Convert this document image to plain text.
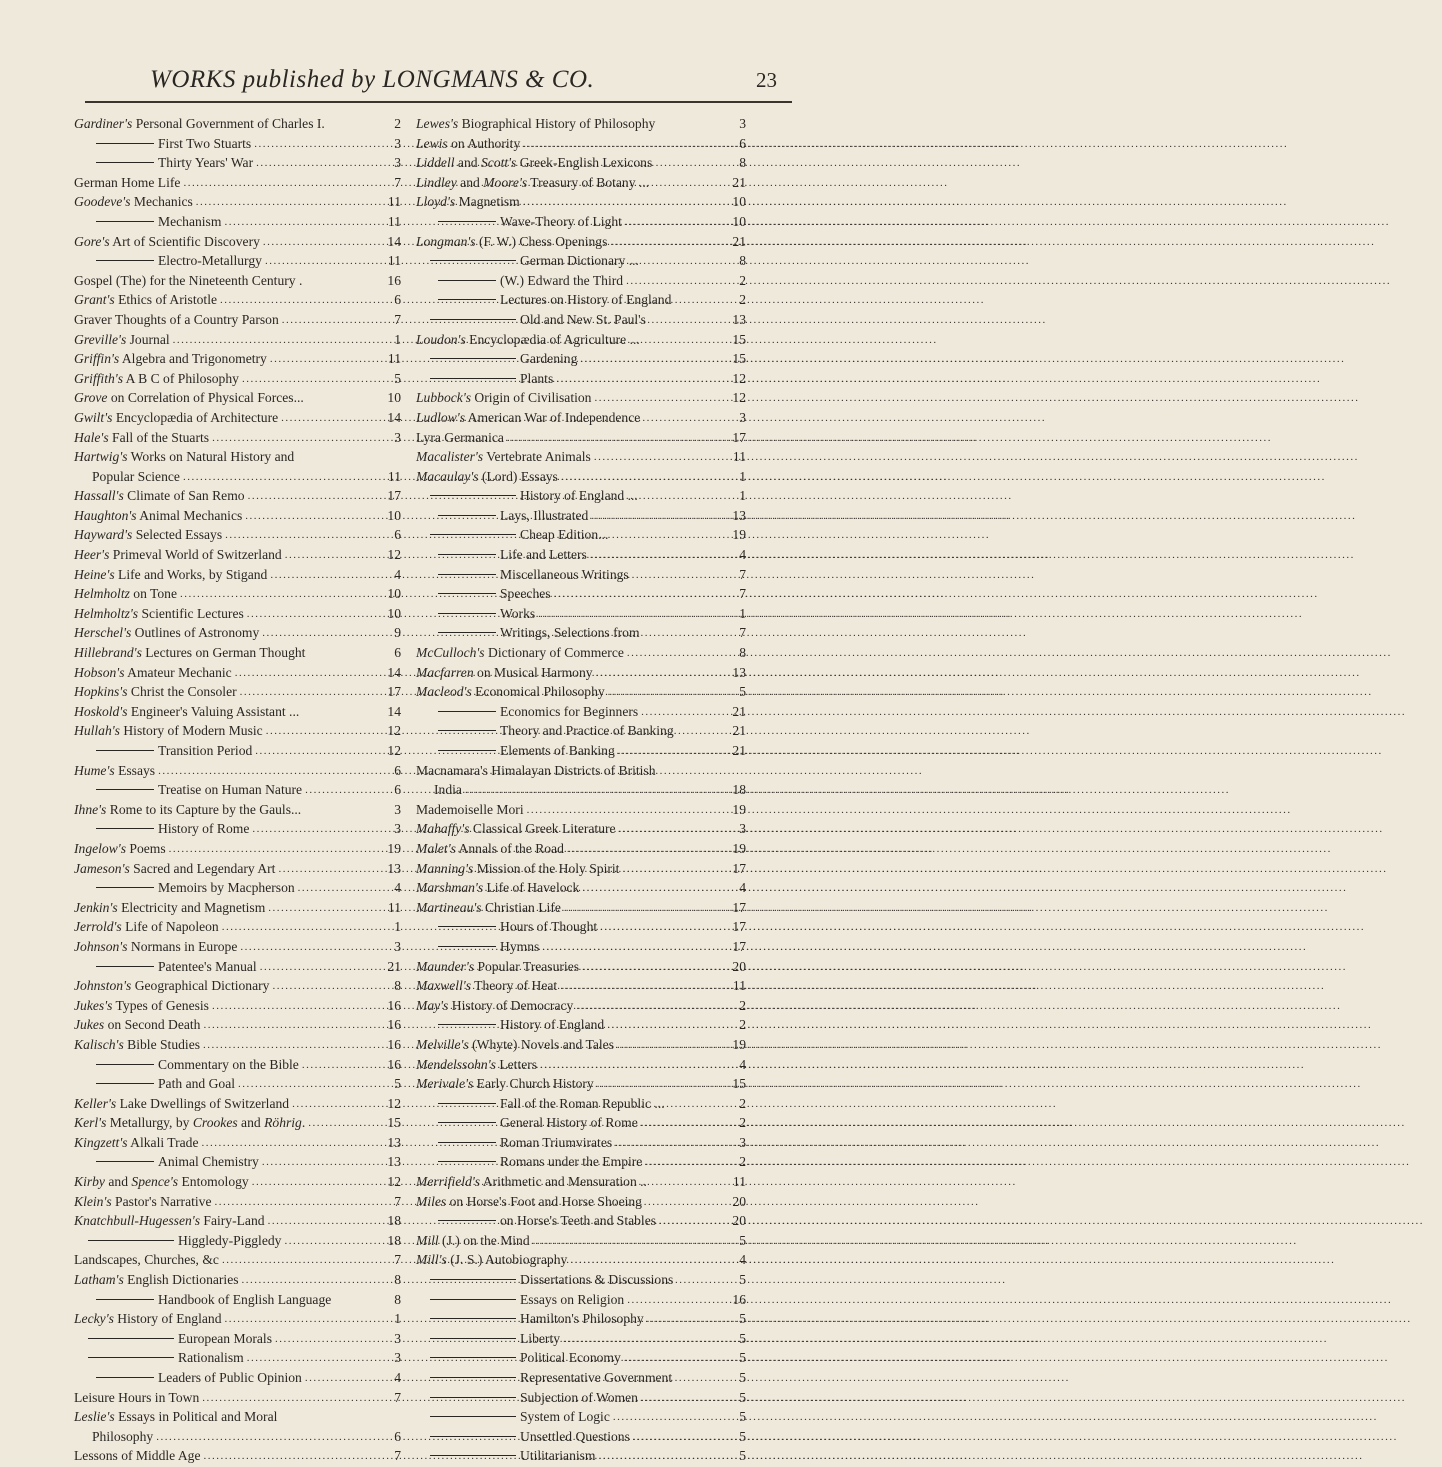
WORKS published by LONGMANS & CO.	23
Gardiner's Personal Government of Charles I.	2
First Two Stuarts .....	3
Thirty Years' War .....	3
German Home Life .....	7
Goodeve's Mechanics .....	11
Mechanism .....	11
Gore's Art of Scientific Discovery .....	14
Electro-Metallurgy .....	11
Gospel (The) for the Nineteenth Century .	16
Grant's Ethics of Aristotle .....	6
Graver Thoughts of a Country Parson .....	7
Greville's Journal .....	1
Griffin's Algebra and Trigonometry .....	11
Griffith's A B C of Philosophy .....	5
Grove on Correlation of Physical Forces...	10
Gwilt's Encyclopædia of Architecture .....	14
Hale's Fall of the Stuarts .....	3
Hartwig's Works on Natural History and
Popular Science .....	11
Hassall's Climate of San Remo .....	17
Haughton's Animal Mechanics .....	10
Hayward's Selected Essays .....	6
Heer's Primeval World of Switzerland .....	12
Heine's Life and Works, by Stigand .....	4
Helmholtz on Tone .....	10
Helmholtz's Scientific Lectures .....	10
Herschel's Outlines of Astronomy .....	9
Hillebrand's Lectures on German Thought	6
Hobson's Amateur Mechanic .....	14
Hopkins's Christ the Consoler .....	17
Hoskold's Engineer's Valuing Assistant ...	14
Hullah's History of Modern Music .....	12
Transition Period .....	12
Hume's Essays .....	6
Treatise on Human Nature .....	6
Ihne's Rome to its Capture by the Gauls...	3
History of Rome .....	3
Ingelow's Poems .....	19
Jameson's Sacred and Legendary Art .....	13
Memoirs by Macpherson .....	4
Jenkin's Electricity and Magnetism .....	11
Jerrold's Life of Napoleon .....	1
Johnson's Normans in Europe .....	3
Patentee's Manual .....	21
Johnston's Geographical Dictionary .....	8
Jukes's Types of Genesis .....	16
Jukes on Second Death .....	16
Kalisch's Bible Studies .....	16
Commentary on the Bible .....	16
Path and Goal .....	5
Keller's Lake Dwellings of Switzerland .....	12
Kerl's Metallurgy, by Crookes and Röhrig. .....	15
Kingzett's Alkali Trade .....	13
Animal Chemistry .....	13
Kirby and Spence's Entomology .....	12
Klein's Pastor's Narrative .....	7
Knatchbull-Hugessen's Fairy-Land .....	18
Higgledy-Piggledy .....	18
Landscapes, Churches, &c .....	7
Latham's English Dictionaries .....	8
Handbook of English Language	8
Lecky's History of England .....	1
European Morals .....	3
Rationalism .....	3
Leaders of Public Opinion .....	4
Leisure Hours in Town .....	7
Leslie's Essays in Political and Moral
Philosophy .....	6
Lessons of Middle Age .....	7
Lewes's Biographical History of Philosophy	3
Lewis on Authority .....	6
Liddell and Scott's Greek-English Lexicons	8
Lindley and Moore's Treasury of Botany ...	21
Lloyd's Magnetism .....	10
Wave-Theory of Light .....	10
Longman's (F. W.) Chess Openings .....	21
German Dictionary ...	8
(W.) Edward the Third .....	2
Lectures on History of England	2
Old and New St. Paul's	13
Loudon's Encyclopædia of Agriculture ...	15
Gardening .....	15
Plants .....	12
Lubbock's Origin of Civilisation .....	12
Ludlow's American War of Independence	3
Lyra Germanica .....	17
Macalister's Vertebrate Animals .....	11
Macaulay's (Lord) Essays .....	1
History of England ...	1
Lays, Illustrated .....	13
Cheap Edition...	19
Life and Letters .....	4
Miscellaneous Writings	7
Speeches .....	7
Works .....	1
Writings, Selections from	7
McCulloch's Dictionary of Commerce .....	8
Macfarren on Musical Harmony .....	13
Macleod's Economical Philosophy .....	5
Economics for Beginners .....	21
Theory and Practice of Banking	21
Elements of Banking .....	21
Macnamara's Himalayan Districts of British
India .....	18
Mademoiselle Mori .....	19
Mahaffy's Classical Greek Literature .....	3
Malet's Annals of the Road .....	19
Manning's Mission of the Holy Spirit .....	17
Marshman's Life of Havelock .....	4
Martineau's Christian Life .....	17
Hours of Thought .....	17
Hymns .....	17
Maunder's Popular Treasuries .....	20
Maxwell's Theory of Heat .....	11
May's History of Democracy .....	2
History of England .....	2
Melville's (Whyte) Novels and Tales .....	19
Mendelssohn's Letters .....	4
Merivale's Early Church History .....	15
Fall of the Roman Republic ...	2
General History of Rome .....	2
Roman Triumvirates .....	3
Romans under the Empire .....	2
Merrifield's Arithmetic and Mensuration ..	11
Miles on Horse's Foot and Horse Shoeing	20
on Horse's Teeth and Stables .....	20
Mill (J.) on the Mind .....	5
Mill's (J. S.) Autobiography .....	4
Dissertations & Discussions	5
Essays on Religion .....	16
Hamilton's Philosophy .....	5
Liberty .....	5
Political Economy .....	5
Representative Government	5
Subjection of Women .....	5
System of Logic .....	5
Unsettled Questions .....	5
Utilitarianism .....	5
